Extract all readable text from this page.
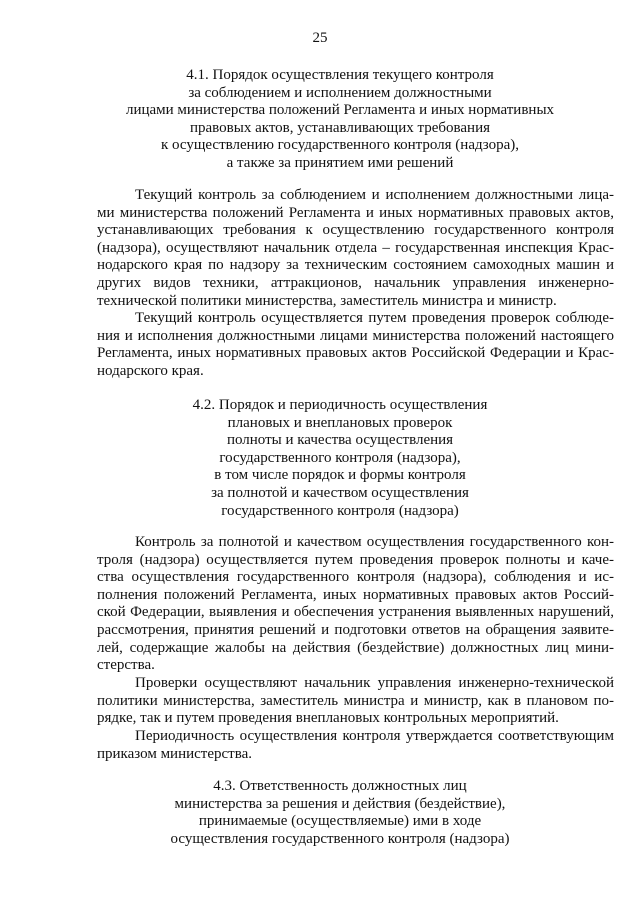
25
4.1. Порядок осуществления текущего контроля
за соблюдением и исполнением должностными
лицами министерства положений Регламента и иных нормативных
правовых актов, устанавливающих требования
к осуществлению государственного контроля (надзора),
а также за принятием ими решений
Текущий контроль за соблюдением и исполнением должностными лица-
ми министерства положений Регламента и иных нормативных правовых актов,
устанавливающих требования к осуществлению государственного контроля
(надзора), осуществляют начальник отдела – государственная инспекция Крас-
нодарского края по надзору за техническим состоянием самоходных машин и
других видов техники, аттракционов, начальник управления инженерно-
технической политики министерства, заместитель министра и министр.
Текущий контроль осуществляется путем проведения проверок соблюде-
ния и исполнения должностными лицами министерства положений настоящего
Регламента, иных нормативных правовых актов Российской Федерации и Крас-
нодарского края.
4.2. Порядок и периодичность осуществления
плановых и внеплановых проверок
полноты и качества осуществления
государственного контроля (надзора),
в том числе порядок и формы контроля
за полнотой и качеством осуществления
государственного контроля (надзора)
Контроль за полнотой и качеством осуществления государственного кон-
троля (надзора) осуществляется путем проведения проверок полноты и каче-
ства осуществления государственного контроля (надзора), соблюдения и ис-
полнения положений Регламента, иных нормативных правовых актов Россий-
ской Федерации, выявления и обеспечения устранения выявленных нарушений,
рассмотрения, принятия решений и подготовки ответов на обращения заявите-
лей, содержащие жалобы на действия (бездействие) должностных лиц мини-
стерства.
Проверки осуществляют начальник управления инженерно-технической
политики министерства, заместитель министра и министр, как в плановом по-
рядке, так и путем проведения внеплановых контрольных мероприятий.
Периодичность осуществления контроля утверждается соответствующим
приказом министерства.
4.3. Ответственность должностных лиц
министерства за решения и действия (бездействие),
принимаемые (осуществляемые) ими в ходе
осуществления государственного контроля (надзора)
